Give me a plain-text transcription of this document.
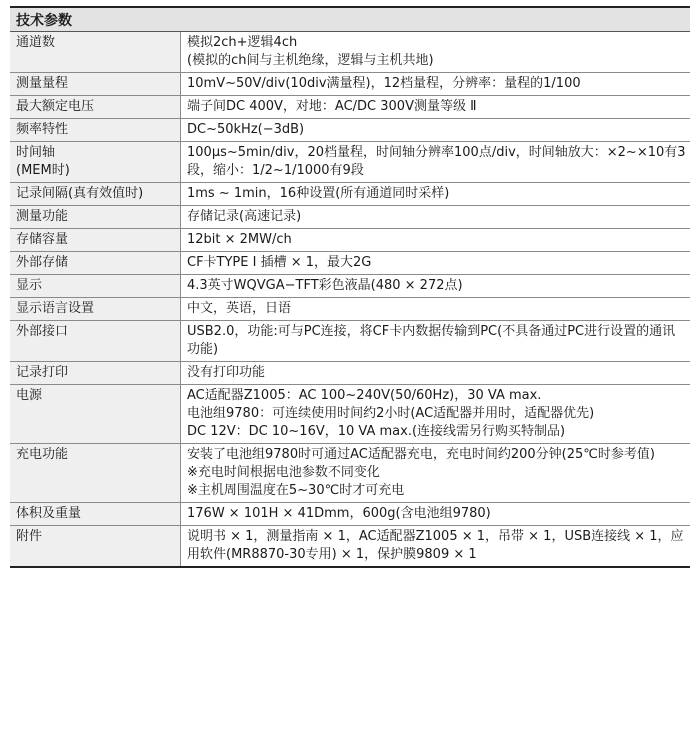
技术参数
通道数	模拟2ch+逻辑4ch
(模拟的ch间与主机绝缘，逻辑与主机共地)

测量量程	10mV~50V/div(10div满量程)，12档量程，分辨率：量程的1/100

最大额定电压	端子间DC 400V，对地：AC/DC 300V测量等级 Ⅱ

频率特性	DC~50kHz(−3dB)

时间轴
(MEM时)	100μs~5min/div，20档量程，时间轴分辨率100点/div，时间轴放大：×2~×10有3段，缩小：1/2~1/1000有9段

记录间隔(真有效值时)	1ms ~ 1min，16种设置(所有通道同时采样)

测量功能	存储记录(高速记录)

存储容量	12bit × 2MW/ch

外部存储	CF卡TYPE Ⅰ 插槽 × 1，最大2G

显示	4.3英寸WQVGA−TFT彩色液晶(480 × 272点)

显示语言设置	中文，英语，日语

外部接口	USB2.0，功能:可与PC连接，将CF卡内数据传输到PC(不具备通过PC进行设置的通讯功能)

记录打印	没有打印功能

电源	AC适配器Z1005：AC 100~240V(50/60Hz)，30 VA max.
电池组9780：可连续使用时间约2小时(AC适配器并用时，适配器优先)
DC 12V：DC 10~16V，10 VA max.(连接线需另行购买特制品)

充电功能	安装了电池组9780时可通过AC适配器充电，充电时间约200分钟(25℃时参考值)
※充电时间根据电池参数不同变化
※主机周围温度在5~30℃时才可充电

体积及重量	176W × 101H × 41Dmm，600g(含电池组9780)

附件	说明书 × 1，测量指南 × 1，AC适配器Z1005 × 1，吊带 × 1，USB连接线 × 1，应用软件(MR8870-30专用) × 1，保护膜9809 × 1
